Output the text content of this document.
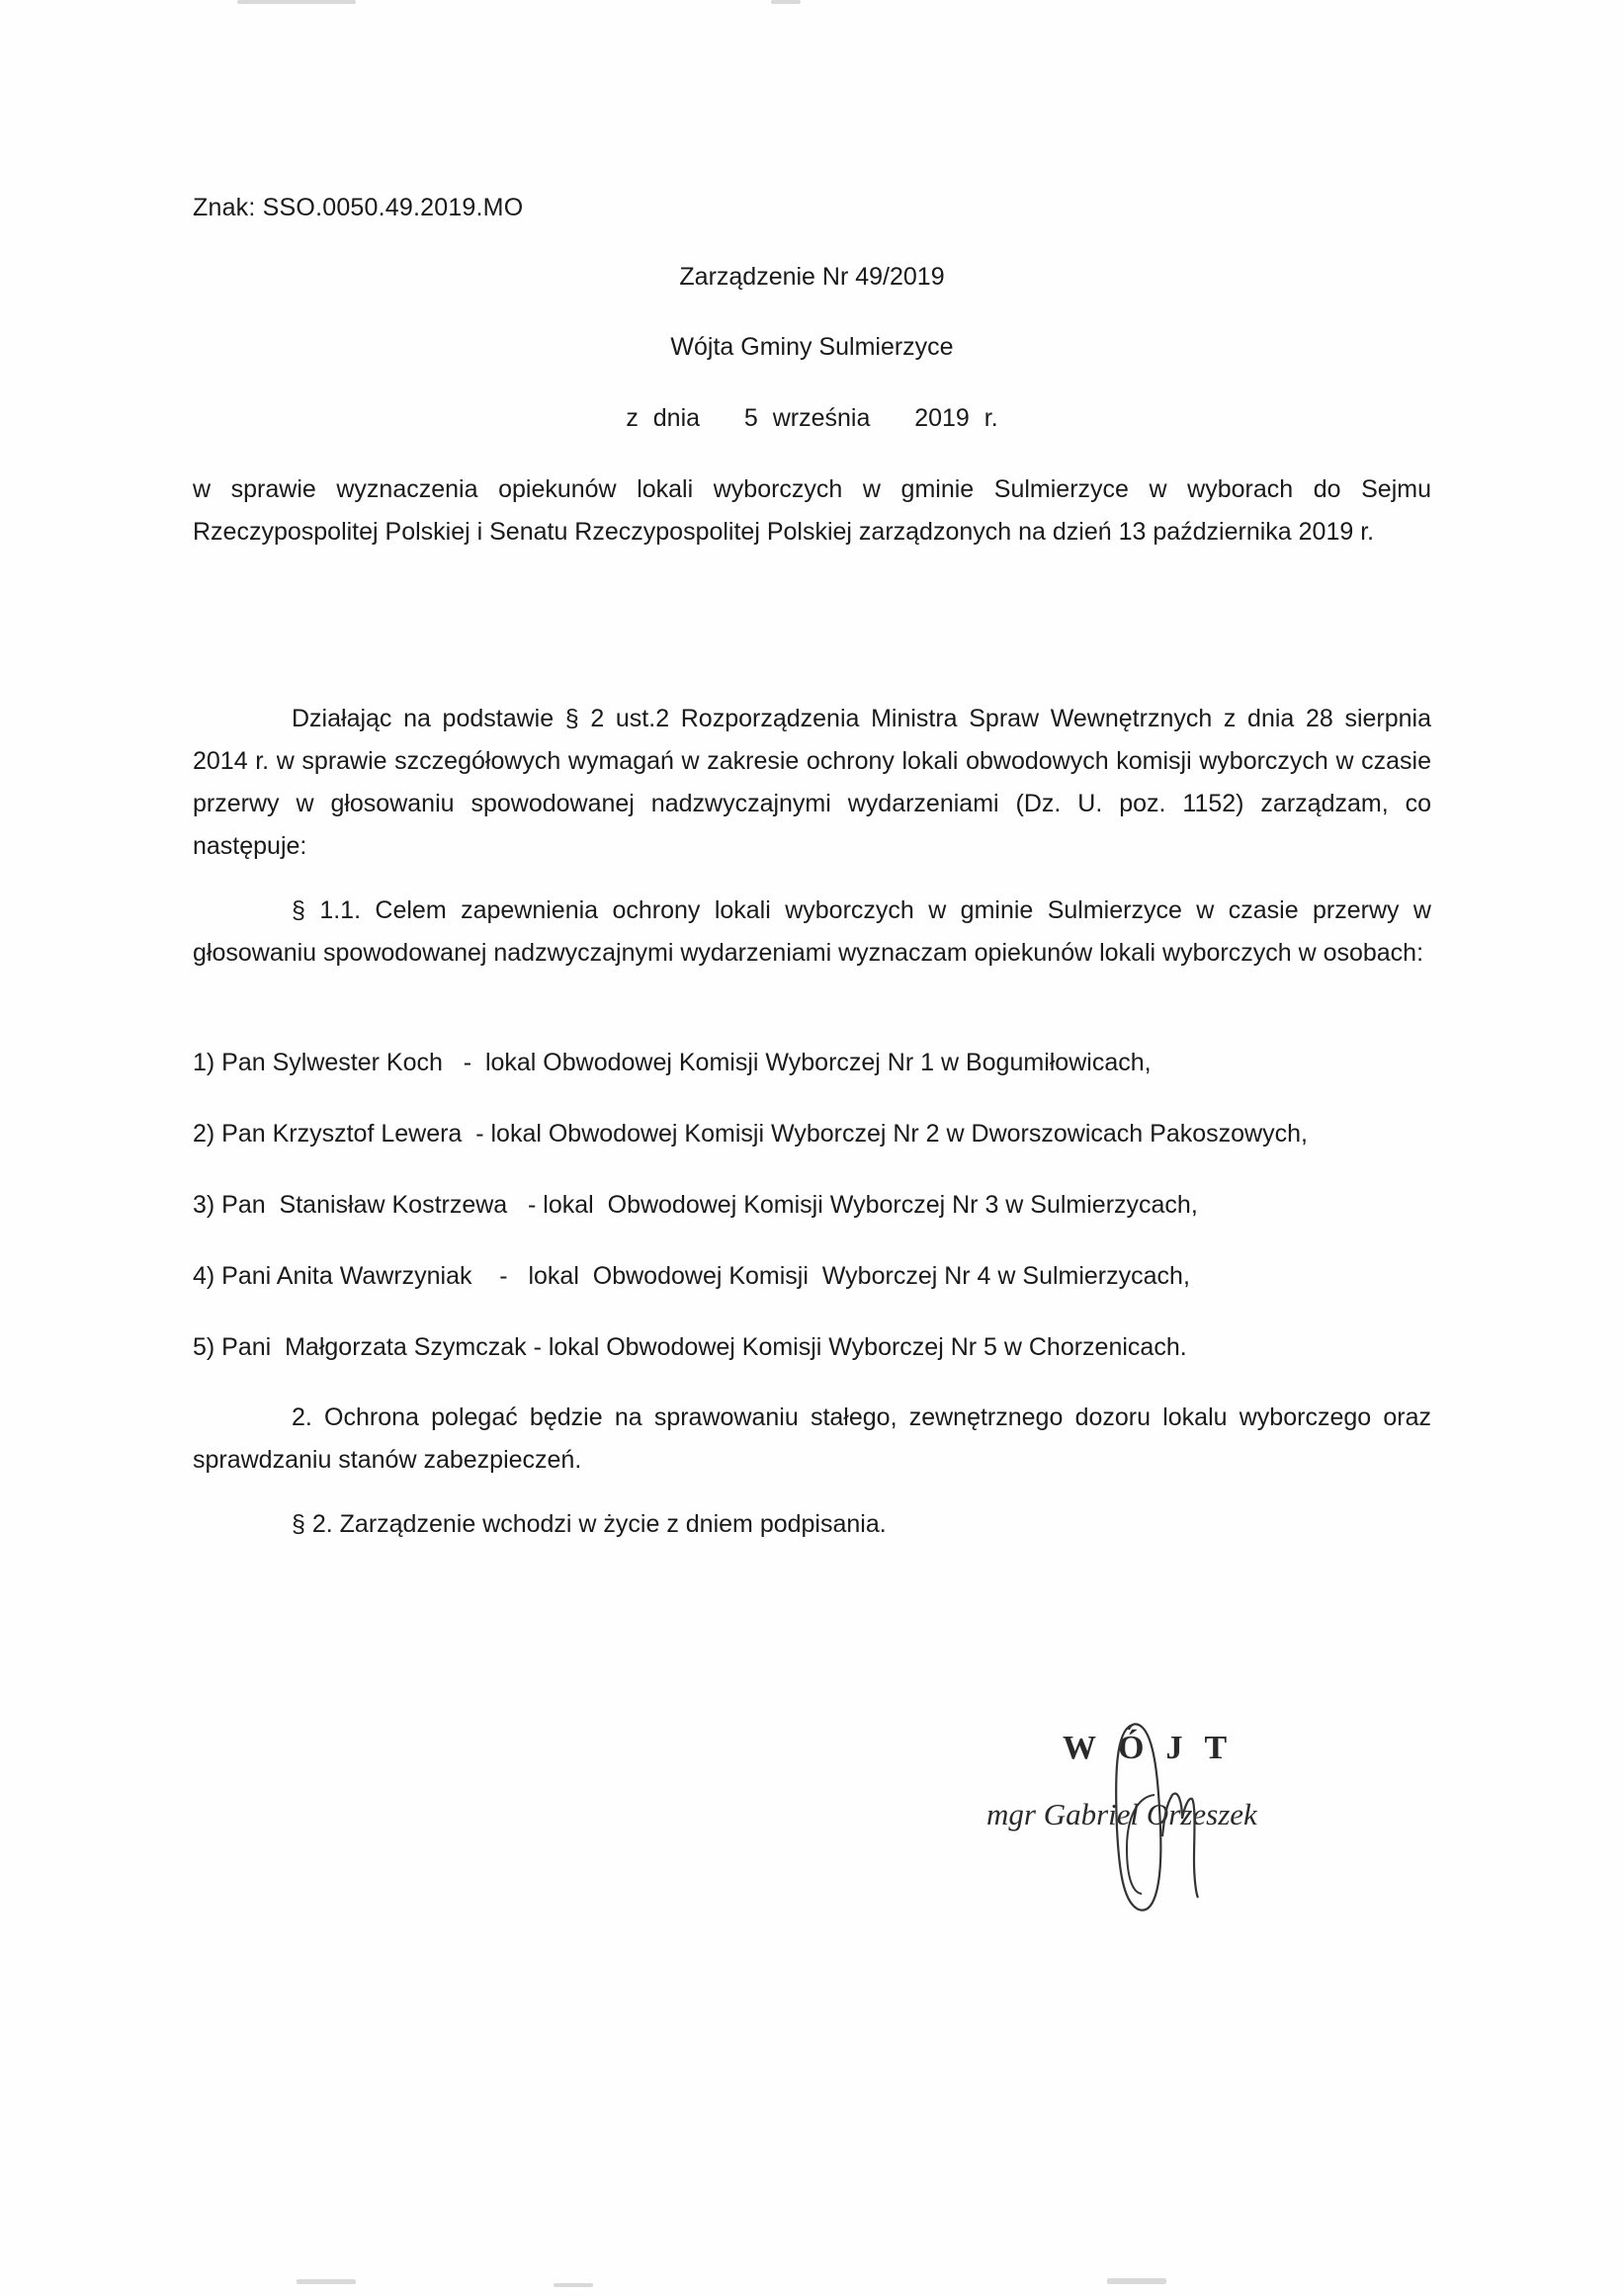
Znak: SSO.0050.49.2019.MO
Zarządzenie Nr 49/2019
Wójta Gminy Sulmierzyce
z dnia   5 września   2019 r.
w sprawie wyznaczenia opiekunów lokali wyborczych w gminie Sulmierzyce w wyborach do Sejmu Rzeczypospolitej Polskiej i Senatu Rzeczypospolitej Polskiej zarządzonych na dzień 13 października 2019 r.
Działając na podstawie § 2 ust.2 Rozporządzenia Ministra Spraw Wewnętrznych z dnia 28 sierpnia 2014 r. w sprawie szczegółowych wymagań w zakresie ochrony lokali obwodowych komisji wyborczych w czasie przerwy w głosowaniu spowodowanej nadzwyczajnymi wydarzeniami (Dz. U. poz. 1152) zarządzam, co następuje:
§ 1.1. Celem zapewnienia ochrony lokali wyborczych w gminie Sulmierzyce w czasie przerwy w głosowaniu spowodowanej nadzwyczajnymi wydarzeniami wyznaczam opiekunów lokali wyborczych w osobach:
1) Pan Sylwester Koch   -  lokal Obwodowej Komisji Wyborczej Nr 1 w Bogumiłowicach,
2) Pan Krzysztof Lewera  - lokal Obwodowej Komisji Wyborczej Nr 2 w Dworszowicach Pakoszowych,
3) Pan  Stanisław Kostrzewa   - lokal  Obwodowej Komisji Wyborczej Nr 3 w Sulmierzycach,
4) Pani Anita Wawrzyniak    -   lokal  Obwodowej Komisji  Wyborczej Nr 4 w Sulmierzycach,
5) Pani  Małgorzata Szymczak - lokal Obwodowej Komisji Wyborczej Nr 5 w Chorzenicach.
2. Ochrona polegać będzie na sprawowaniu stałego, zewnętrznego dozoru lokalu wyborczego oraz sprawdzaniu stanów zabezpieczeń.
§ 2. Zarządzenie wchodzi w życie z dniem podpisania.
WÓJT
mgr Gabriel Orzeszek
